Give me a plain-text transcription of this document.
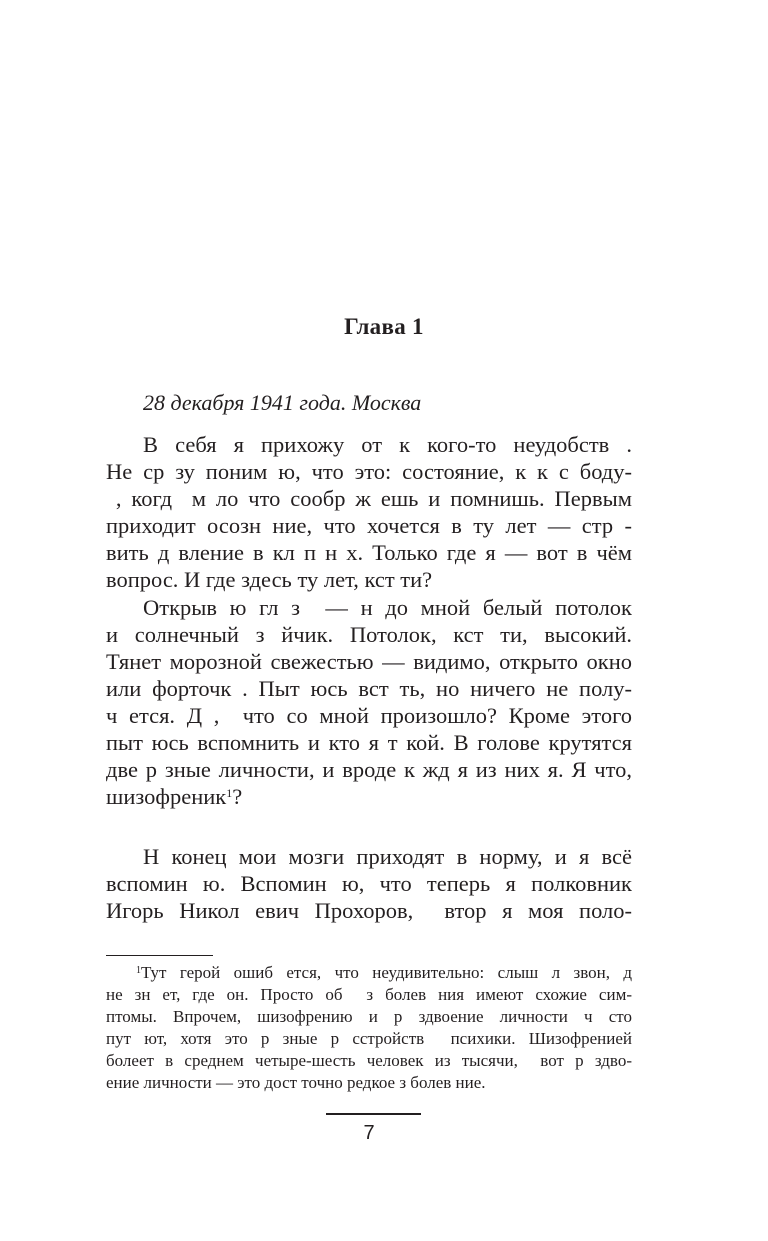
Глава 1
28 декабря 1941 года. Москва
В себя я прихожу от к кого-то неудобств .
Не ср зу поним ю, что это: состояние, к к с боду-
, когд  м ло что сообр ж ешь и помнишь. Первым
приходит осозн ние, что хочется в ту лет — стр -
вить д вление в кл п н х. Только где я — вот в чём
вопрос. И где здесь ту лет, кст ти?
Открыв ю гл з  — н до мной белый потолок
и солнечный з йчик. Потолок, кст ти, высокий.
Тянет морозной свежестью — видимо, открыто окно
или форточк . Пыт юсь вст ть, но ничего не полу-
ч ется. Д ,  что со мной произошло? Кроме этого
пыт юсь вспомнить и кто я т кой. В голове крутятся
две р зные личности, и вроде к жд я из них я. Я что,
шизофреник$^1$?
Н конец мои мозги приходят в норму, и я всё
вспомин ю. Вспомин ю, что теперь я полковник
Игорь Никол евич Прохоров,  втор я моя поло-
$^1$Тут герой ошиб ется, что неудивительно: слыш л звон, д
не зн ет, где он. Просто об  з болев ния имеют схожие сим-
птомы. Впрочем, шизофрению и р здвоение личности ч сто
пут ют, хотя это р зные р сстройств  психики. Шизофренией
болеет в среднем четыре-шесть человек из тысячи,  вот р здво-
ение личности — это дост точно редкое з болев ние.
7
